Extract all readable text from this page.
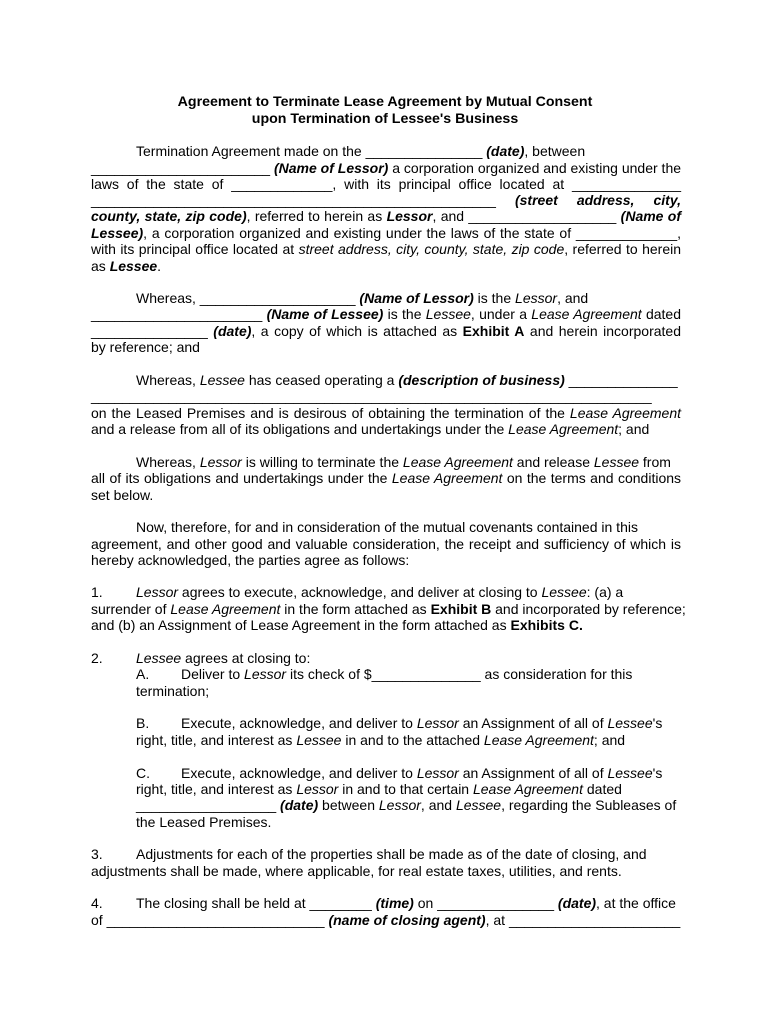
Agreement to Terminate Lease Agreement by Mutual Consent
upon Termination of Lessee's Business
Termination Agreement made on the _______________ (date), between
_______________________ (Name of Lessor) a corporation organized and existing under the
laws of the state of _____________, with its principal office located at ______________
____________________________________________________ (street address, city,
county, state, zip code), referred to herein as Lessor, and ___________________ (Name of
Lessee), a corporation organized and existing under the laws of the state of _____________,
with its principal office located at street address, city, county, state, zip code, referred to herein
as Lessee.
Whereas, ____________________ (Name of Lessor) is the Lessor, and
______________________ (Name of Lessee) is the Lessee, under a Lease Agreement dated
_______________ (date), a copy of which is attached as Exhibit A and herein incorporated
by reference; and
Whereas, Lessee has ceased operating a (description of business) ______________
________________________________________________________________________
on the Leased Premises and is desirous of obtaining the termination of the Lease Agreement
and a release from all of its obligations and undertakings under the Lease Agreement; and
Whereas, Lessor is willing to terminate the Lease Agreement and release Lessee from
all of its obligations and undertakings under the Lease Agreement on the terms and conditions
set below.
Now, therefore, for and in consideration of the mutual covenants contained in this
agreement, and other good and valuable consideration, the receipt and sufficiency of which is
hereby acknowledged, the parties agree as follows:
1. Lessor agrees to execute, acknowledge, and deliver at closing to Lessee: (a) a
surrender of Lease Agreement in the form attached as Exhibit B and incorporated by reference;
and (b) an Assignment of Lease Agreement in the form attached as Exhibits C.
2. Lessee agrees at closing to:
A. Deliver to Lessor its check of $______________ as consideration for this
termination;
B. Execute, acknowledge, and deliver to Lessor an Assignment of all of Lessee's
right, title, and interest as Lessee in and to the attached Lease Agreement; and
C. Execute, acknowledge, and deliver to Lessor an Assignment of all of Lessee's
right, title, and interest as Lessor in and to that certain Lease Agreement dated
__________________ (date) between Lessor, and Lessee, regarding the Subleases of
the Leased Premises.
3. Adjustments for each of the properties shall be made as of the date of closing, and
adjustments shall be made, where applicable, for real estate taxes, utilities, and rents.
4. The closing shall be held at ________ (time) on _______________ (date), at the office
of ____________________________ (name of closing agent), at ______________________
